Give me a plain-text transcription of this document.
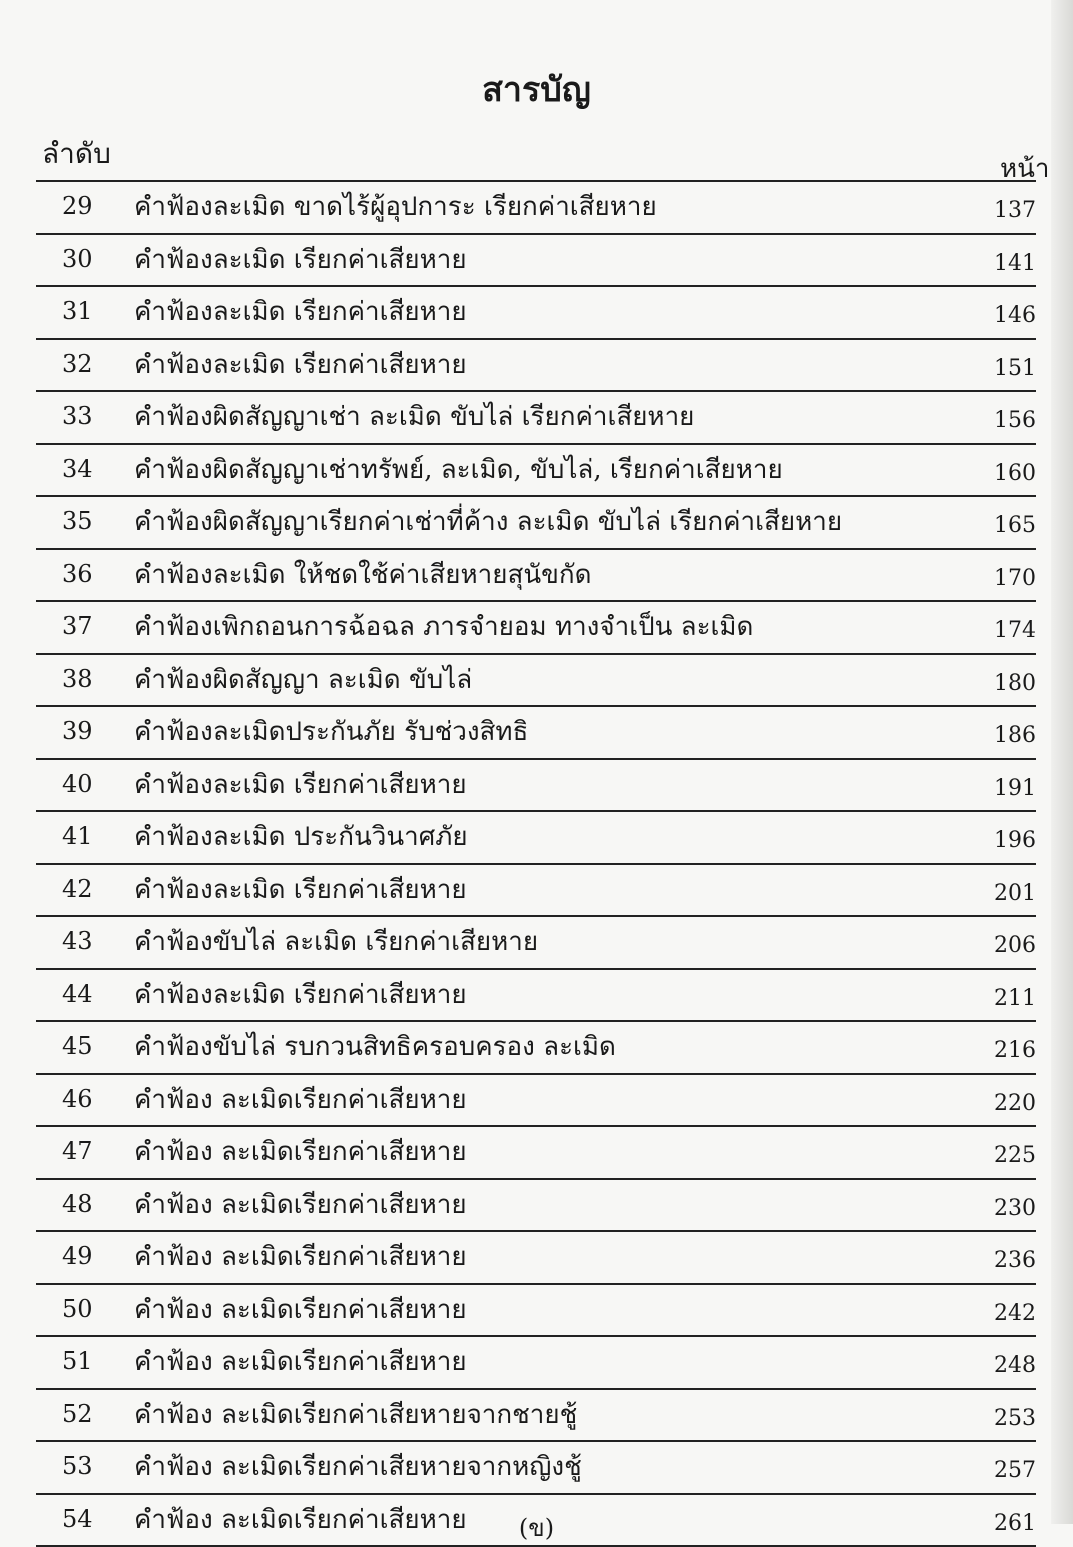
สารบัญ
ลำดับ	หน้า
29	คำฟ้องละเมิด ขาดไร้ผู้อุปการะ เรียกค่าเสียหาย	137
30	คำฟ้องละเมิด เรียกค่าเสียหาย	141
31	คำฟ้องละเมิด เรียกค่าเสียหาย	146
32	คำฟ้องละเมิด เรียกค่าเสียหาย	151
33	คำฟ้องผิดสัญญาเช่า ละเมิด ขับไล่ เรียกค่าเสียหาย	156
34	คำฟ้องผิดสัญญาเช่าทรัพย์, ละเมิด, ขับไล่, เรียกค่าเสียหาย	160
35	คำฟ้องผิดสัญญาเรียกค่าเช่าที่ค้าง ละเมิด ขับไล่ เรียกค่าเสียหาย	165
36	คำฟ้องละเมิด ให้ชดใช้ค่าเสียหายสุนัขกัด	170
37	คำฟ้องเพิกถอนการฉ้อฉล ภารจำยอม ทางจำเป็น ละเมิด	174
38	คำฟ้องผิดสัญญา ละเมิด ขับไล่	180
39	คำฟ้องละเมิดประกันภัย รับช่วงสิทธิ	186
40	คำฟ้องละเมิด เรียกค่าเสียหาย	191
41	คำฟ้องละเมิด ประกันวินาศภัย	196
42	คำฟ้องละเมิด เรียกค่าเสียหาย	201
43	คำฟ้องขับไล่ ละเมิด เรียกค่าเสียหาย	206
44	คำฟ้องละเมิด เรียกค่าเสียหาย	211
45	คำฟ้องขับไล่ รบกวนสิทธิครอบครอง ละเมิด	216
46	คำฟ้อง ละเมิดเรียกค่าเสียหาย	220
47	คำฟ้อง ละเมิดเรียกค่าเสียหาย	225
48	คำฟ้อง ละเมิดเรียกค่าเสียหาย	230
49	คำฟ้อง ละเมิดเรียกค่าเสียหาย	236
50	คำฟ้อง ละเมิดเรียกค่าเสียหาย	242
51	คำฟ้อง ละเมิดเรียกค่าเสียหาย	248
52	คำฟ้อง ละเมิดเรียกค่าเสียหายจากชายชู้	253
53	คำฟ้อง ละเมิดเรียกค่าเสียหายจากหญิงชู้	257
54	คำฟ้อง ละเมิดเรียกค่าเสียหาย	261
(ข)
